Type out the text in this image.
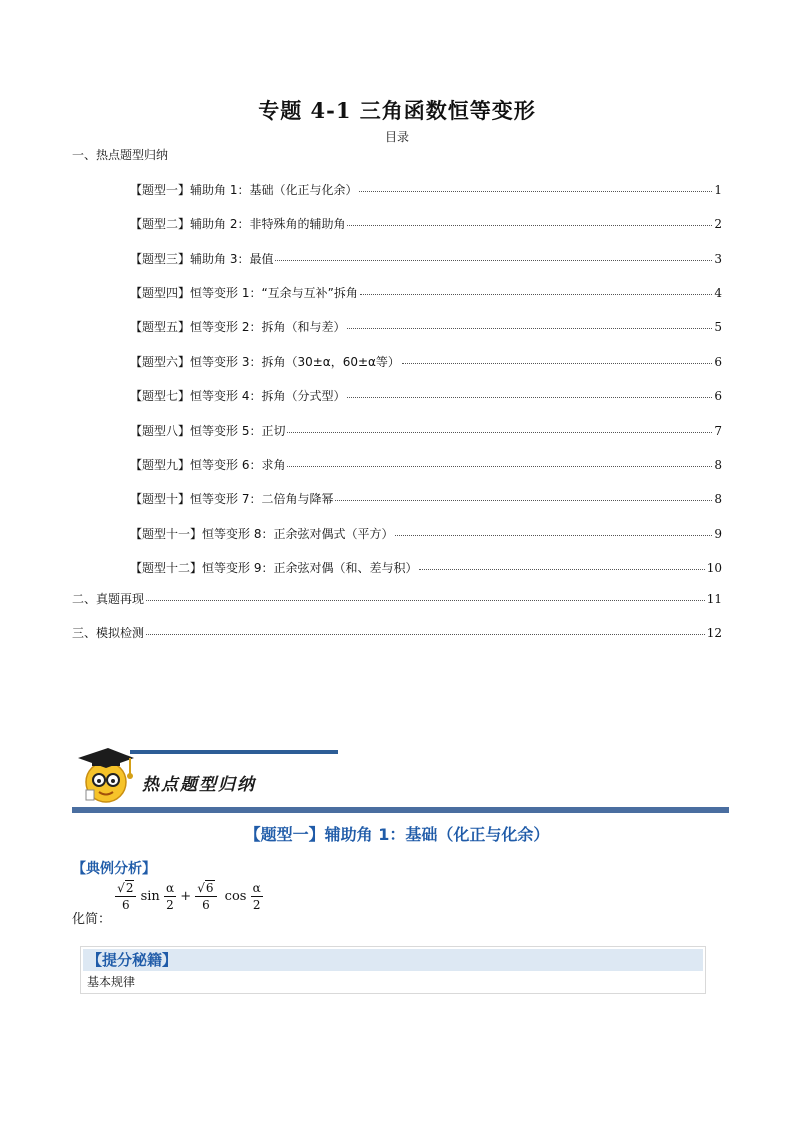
专题 4-1 三角函数恒等变形
目录
一、热点题型归纳
【题型一】辅助角 1：基础（化正与化余）	1
【题型二】辅助角 2：非特殊角的辅助角	2
【题型三】辅助角 3：最值	3
【题型四】恒等变形 1：“互余与互补”拆角	4
【题型五】恒等变形 2：拆角（和与差）	5
【题型六】恒等变形 3：拆角（30±α，60±α等）	6
【题型七】恒等变形 4：拆角（分式型）	6
【题型八】恒等变形 5：正切	7
【题型九】恒等变形 6：求角	8
【题型十】恒等变形 7：二倍角与降幂	8
【题型十一】恒等变形 8：正余弦对偶式（平方）	9
【题型十二】恒等变形 9：正余弦对偶（和、差与积）	10
二、真题再现	11
三、模拟检测	12
热点题型归纳
【题型一】辅助角 1：基础（化正与化余）
【典例分析】
化简：
$\frac{√2}{6}$ $\sin \frac{\alpha}{2} + \frac{√6}{6}$ $\cos \frac{\alpha}{2}$
【提分秘籍】
基本规律
